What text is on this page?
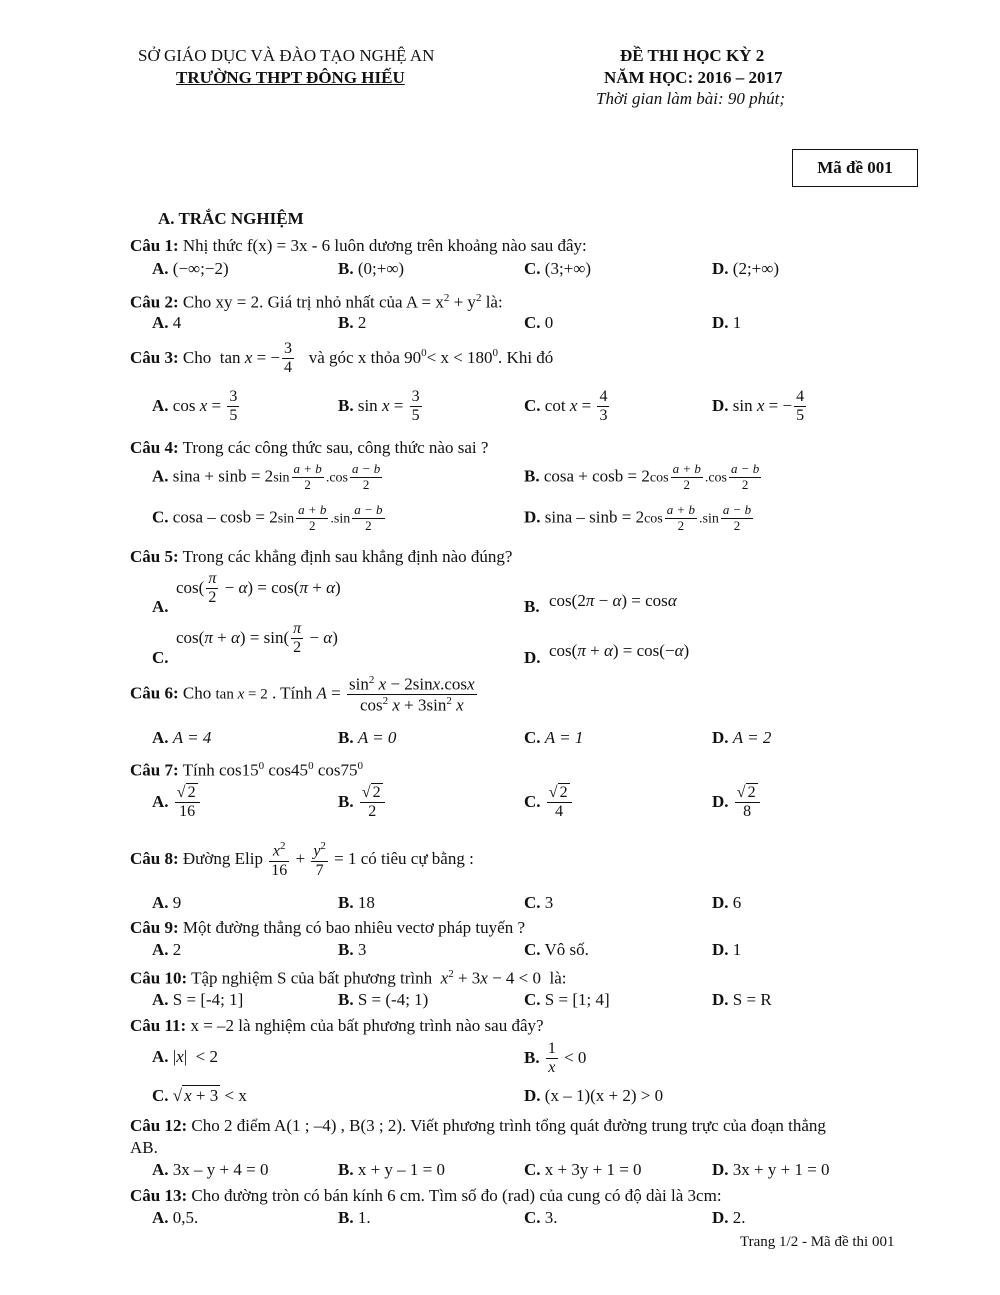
SỞ GIÁO DỤC VÀ ĐÀO TẠO NGHỆ AN
TRƯỜNG THPT ĐÔNG HIẾU
ĐỀ THI HỌC KỲ 2
NĂM HỌC: 2016 – 2017
Thời gian làm bài: 90 phút;
Mã đề 001
A. TRẮC NGHIỆM
Câu 1: Nhị thức f(x) = 3x - 6 luôn dương trên khoảng nào sau đây:
A. (−∞;−2)	B. (0;+∞)	C. (3;+∞)	D. (2;+∞)
Câu 2: Cho xy = 2. Giá trị nhỏ nhất của $A = x^2 + y^2$ là:
A. 4	B. 2	C. 0	D. 1
Câu 3: Cho  tan x = − $\frac{3}{4}$ và góc x thỏa $90^0< x < 180^0$. Khi đó
A. $\cos x = \frac{3}{5}$	B. $\sin x = \frac{3}{5}$	C. $\cot x = \frac{4}{3}$	D. sin x = − $\frac{4}{5}$
Câu 4: Trong các công thức sau, công thức nào sai ?
A. $\sin a + \sin b = 2\sin \frac{a + b}{2} .\cos \frac{a - b}{2}$	B. $\cos a + \cos b = 2\cos \frac{a + b}{2} .\cos \frac{a - b}{2}$
C. $\cos a - \cos b = 2\sin \frac{a + b}{2} .\sin \frac{a - b}{2}$	D. $\sin a - \sin b = 2\cos \frac{a + b}{2} .\sin \frac{a - b}{2}$
Câu 5: Trong các khẳng định sau khẳng định nào đúng?
A.
$\cos( \frac{\pi}{2} - \alpha) = \cos(\pi + \alpha)$
B. cos(2π − α) = cosα
C.
$\cos(\pi + \alpha) = \sin( \frac{\pi}{2} - \alpha)$
D. cos(π + α) = cos(−α)
Câu 6: Cho tan x = 2 . Tính $A = \frac{\sin^2 x - 2\sin x.\cos x}{\cos^2 x + 3\sin^2 x}$
A. A = 4	B. A = 0	C. A = 1	D. A = 2
Câu 7: Tính $\cos 15^0$ $\cos 45^0$ $\cos 75^0$
A. $\frac{√ 2}{16}$	B. $\frac{√ 2}{2}$	C. $\frac{√ 2}{4}$	D. $\frac{√ 2}{8}$
Câu 8: Đường Elip $\frac{x^2}{16} + \frac{y^2}{7} = 1$ có tiêu cự bằng :
A. 9	B. 18	C. 3	D. 6
Câu 9: Một đường thẳng có bao nhiêu vectơ pháp tuyến ?
A. 2	B. 3	C. Vô số.	D. 1
Câu 10: Tập nghiệm S của bất phương trình $x^2 + 3x - 4 < 0$  là:
A. S = [-4; 1]	B. S = (-4; 1)	C. S = [1; 4]	D. S = R
Câu 11: x = –2 là nghiệm của bất phương trình nào sau đây?
A. |x|  < 2	B. $\frac{1}{x} < 0$
C. √ x + 3 < x	D. (x – 1)(x + 2) > 0
Câu 12: Cho 2 điểm A(1 ; –4) , B(3 ; 2). Viết phương trình tổng quát đường trung trực của đoạn thẳng
AB.
A. 3x – y + 4 = 0	B. x + y – 1 = 0	C. x + 3y + 1 = 0	D. 3x + y + 1 = 0
Câu 13: Cho đường tròn có bán kính 6 cm. Tìm số đo (rad) của cung có độ dài là 3cm:
A. 0,5.	B. 1.	C. 3.	D. 2.
Trang 1/2 - Mã đề thi 001
